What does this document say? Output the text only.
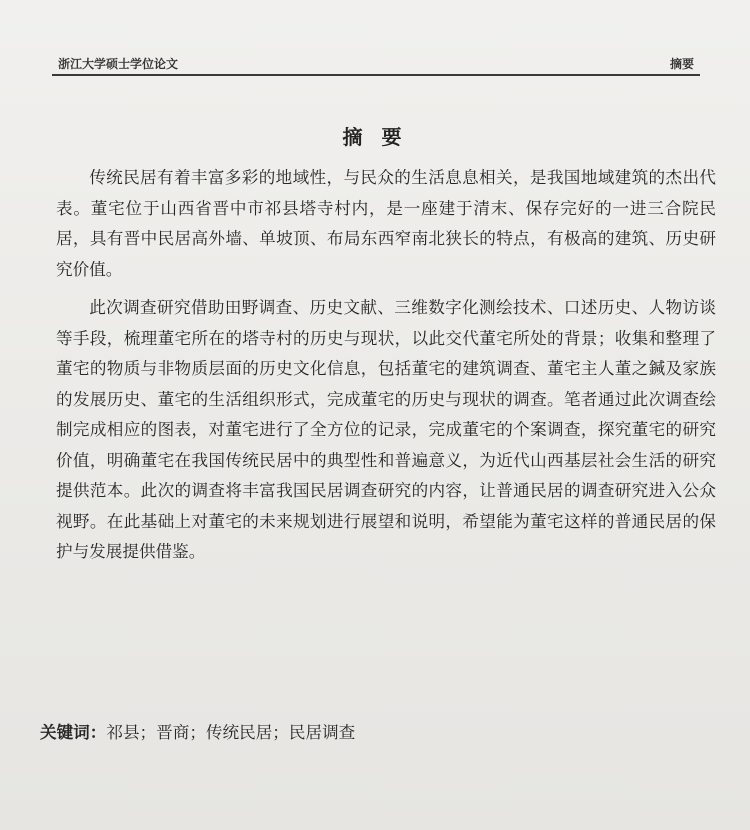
浙江大学硕士学位论文	摘要
摘 要

传统民居有着丰富多彩的地域性，与民众的生活息息相关，是我国地域建筑的杰出代表。董宅位于山西省晋中市祁县塔寺村内，是一座建于清末、保存完好的一进三合院民居，具有晋中民居高外墙、单坡顶、布局东西窄南北狭长的特点，有极高的建筑、历史研究价值。

此次调查研究借助田野调查、历史文献、三维数字化测绘技术、口述历史、人物访谈等手段，梳理董宅所在的塔寺村的历史与现状，以此交代董宅所处的背景；收集和整理了董宅的物质与非物质层面的历史文化信息，包括董宅的建筑调查、董宅主人董之鍼及家族的发展历史、董宅的生活组织形式，完成董宅的历史与现状的调查。笔者通过此次调查绘制完成相应的图表，对董宅进行了全方位的记录，完成董宅的个案调查，探究董宅的研究价值，明确董宅在我国传统民居中的典型性和普遍意义，为近代山西基层社会生活的研究提供范本。此次的调查将丰富我国民居调查研究的内容，让普通民居的调查研究进入公众视野。在此基础上对董宅的未来规划进行展望和说明，希望能为董宅这样的普通民居的保护与发展提供借鉴。

关键词：祁县；晋商；传统民居；民居调查
